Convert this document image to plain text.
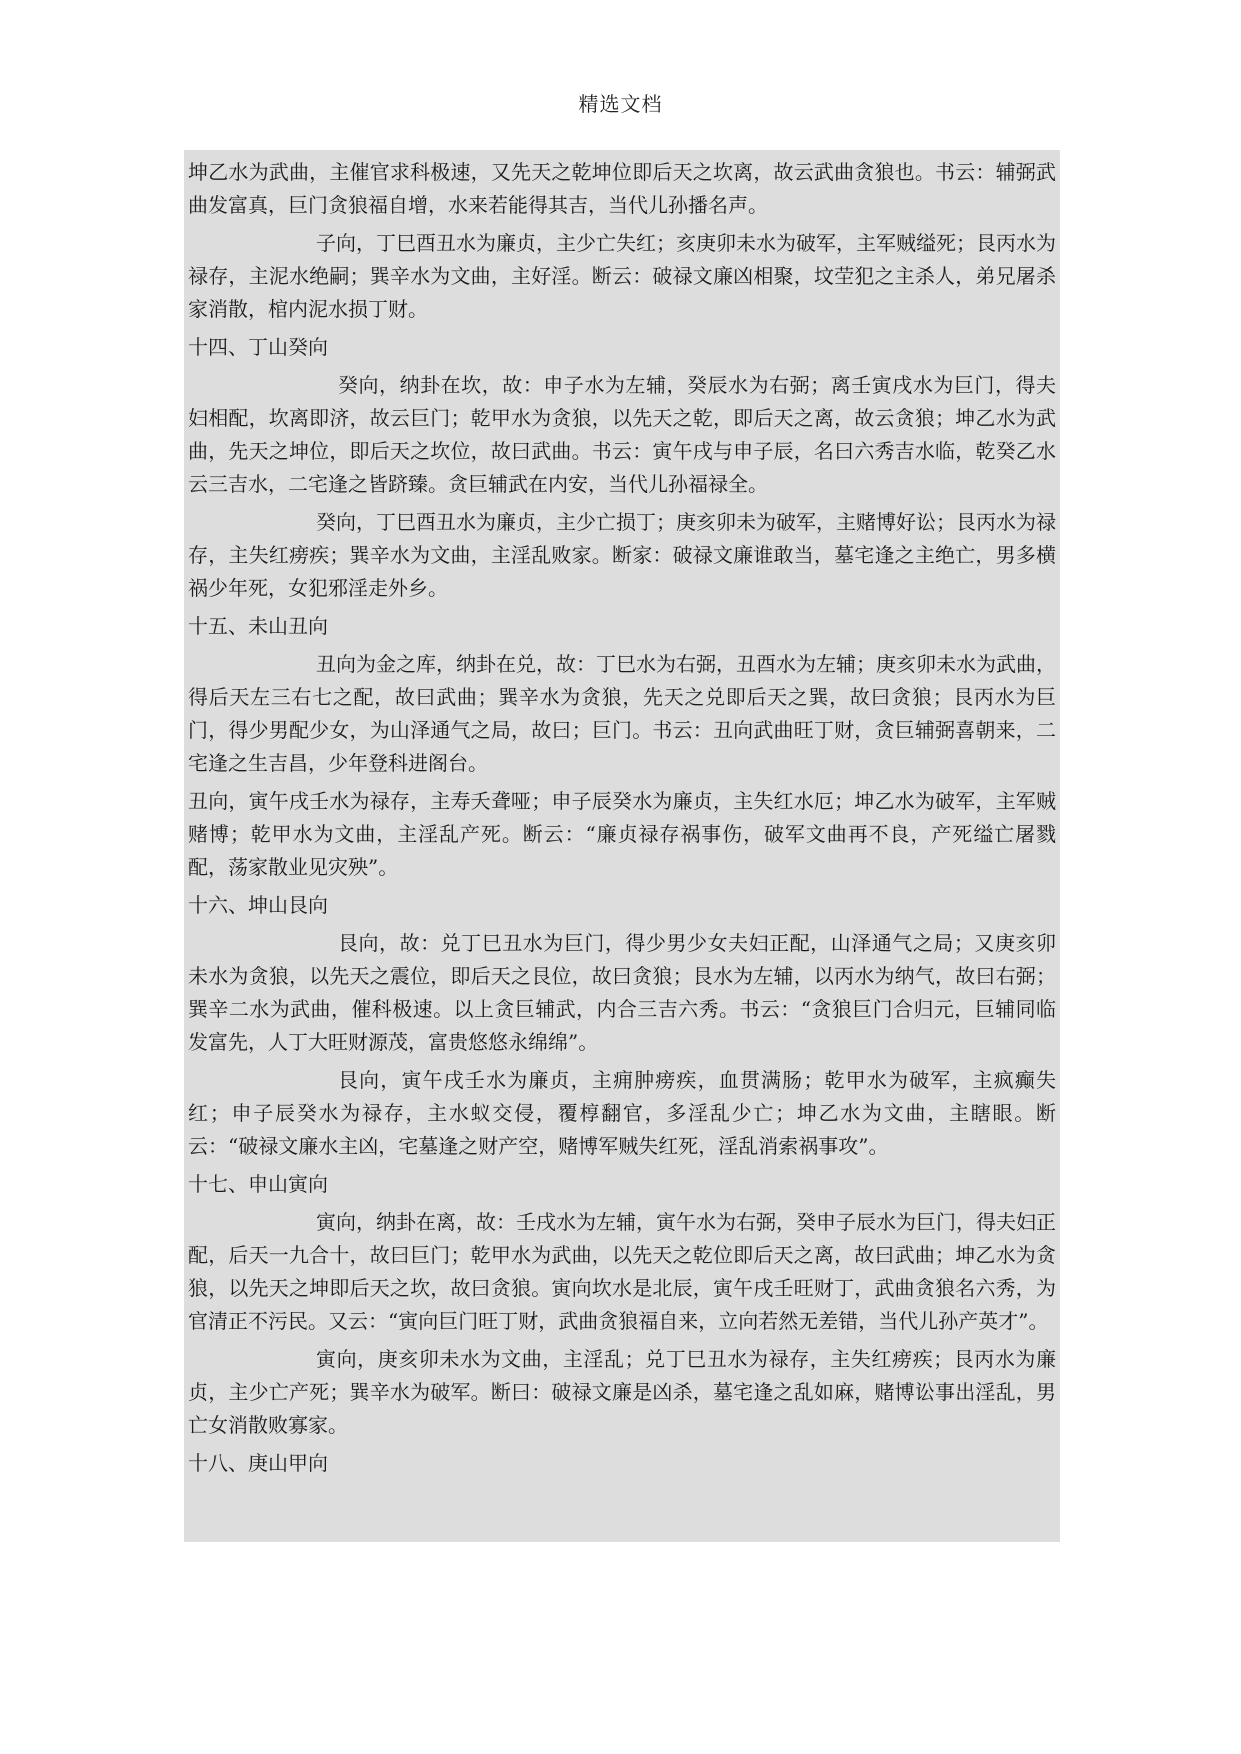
精选文档
坤乙水为武曲，主催官求科极速，又先天之乾坤位即后天之坎离，故云武曲贪狼也。书云：辅弼武曲发富真，巨门贪狼福自增，水来若能得其吉，当代儿孙播名声。
子向，丁巳酉丑水为廉贞，主少亡失红；亥庚卯未水为破军，主军贼缢死；艮丙水为禄存，主泥水绝嗣；巽辛水为文曲，主好淫。断云：破禄文廉凶相聚，坟茔犯之主杀人，弟兄屠杀家消散，棺内泥水损丁财。
十四、丁山癸向
癸向，纳卦在坎，故：申子水为左辅，癸辰水为右弼；离壬寅戌水为巨门，得夫妇相配，坎离即济，故云巨门；乾甲水为贪狼，以先天之乾，即后天之离，故云贪狼；坤乙水为武曲，先天之坤位，即后天之坎位，故曰武曲。书云：寅午戌与申子辰，名曰六秀吉水临，乾癸乙水云三吉水，二宅逢之皆跻臻。贪巨辅武在内安，当代儿孙福禄全。
癸向，丁巳酉丑水为廉贞，主少亡损丁；庚亥卯未为破军，主赌博好讼；艮丙水为禄存，主失红痨疾；巽辛水为文曲，主淫乱败家。断家：破禄文廉谁敢当，墓宅逢之主绝亡，男多横祸少年死，女犯邪淫走外乡。
十五、未山丑向
丑向为金之库，纳卦在兑，故：丁巳水为右弼，丑酉水为左辅；庚亥卯未水为武曲，得后天左三右七之配，故曰武曲；巽辛水为贪狼，先天之兑即后天之巽，故曰贪狼；艮丙水为巨门，得少男配少女，为山泽通气之局，故曰；巨门。书云：丑向武曲旺丁财，贪巨辅弼喜朝来，二宅逢之生吉昌，少年登科进阁台。
丑向，寅午戌壬水为禄存，主寿夭聋哑；申子辰癸水为廉贞，主失红水厄；坤乙水为破军，主军贼赌博；乾甲水为文曲，主淫乱产死。断云：“廉贞禄存祸事伤，破军文曲再不良，产死缢亡屠戮配，荡家散业见灾殃”。
十六、坤山艮向
艮向，故：兑丁巳丑水为巨门，得少男少女夫妇正配，山泽通气之局；又庚亥卯未水为贪狼，以先天之震位，即后天之艮位，故曰贪狼；艮水为左辅，以丙水为纳气，故曰右弼；巽辛二水为武曲，催科极速。以上贪巨辅武，内合三吉六秀。书云：“贪狼巨门合归元，巨辅同临发富先，人丁大旺财源茂，富贵悠悠永绵绵”。
艮向，寅午戌壬水为廉贞，主痈肿痨疾，血贯满肠；乾甲水为破军，主疯癫失红；申子辰癸水为禄存，主水蚁交侵，覆椁翻官，多淫乱少亡；坤乙水为文曲，主瞎眼。断云：“破禄文廉水主凶，宅墓逢之财产空，赌博军贼失红死，淫乱消索祸事攻”。
十七、申山寅向
寅向，纳卦在离，故：壬戌水为左辅，寅午水为右弼，癸申子辰水为巨门，得夫妇正配，后天一九合十，故曰巨门；乾甲水为武曲，以先天之乾位即后天之离，故曰武曲；坤乙水为贪狼，以先天之坤即后天之坎，故曰贪狼。寅向坎水是北辰，寅午戌壬旺财丁，武曲贪狼名六秀，为官清正不污民。又云：“寅向巨门旺丁财，武曲贪狼福自来，立向若然无差错，当代儿孙产英才”。
寅向，庚亥卯未水为文曲，主淫乱；兑丁巳丑水为禄存，主失红痨疾；艮丙水为廉贞，主少亡产死；巽辛水为破军。断曰：破禄文廉是凶杀，墓宅逢之乱如麻，赌博讼事出淫乱，男亡女消散败寡家。
十八、庚山甲向
